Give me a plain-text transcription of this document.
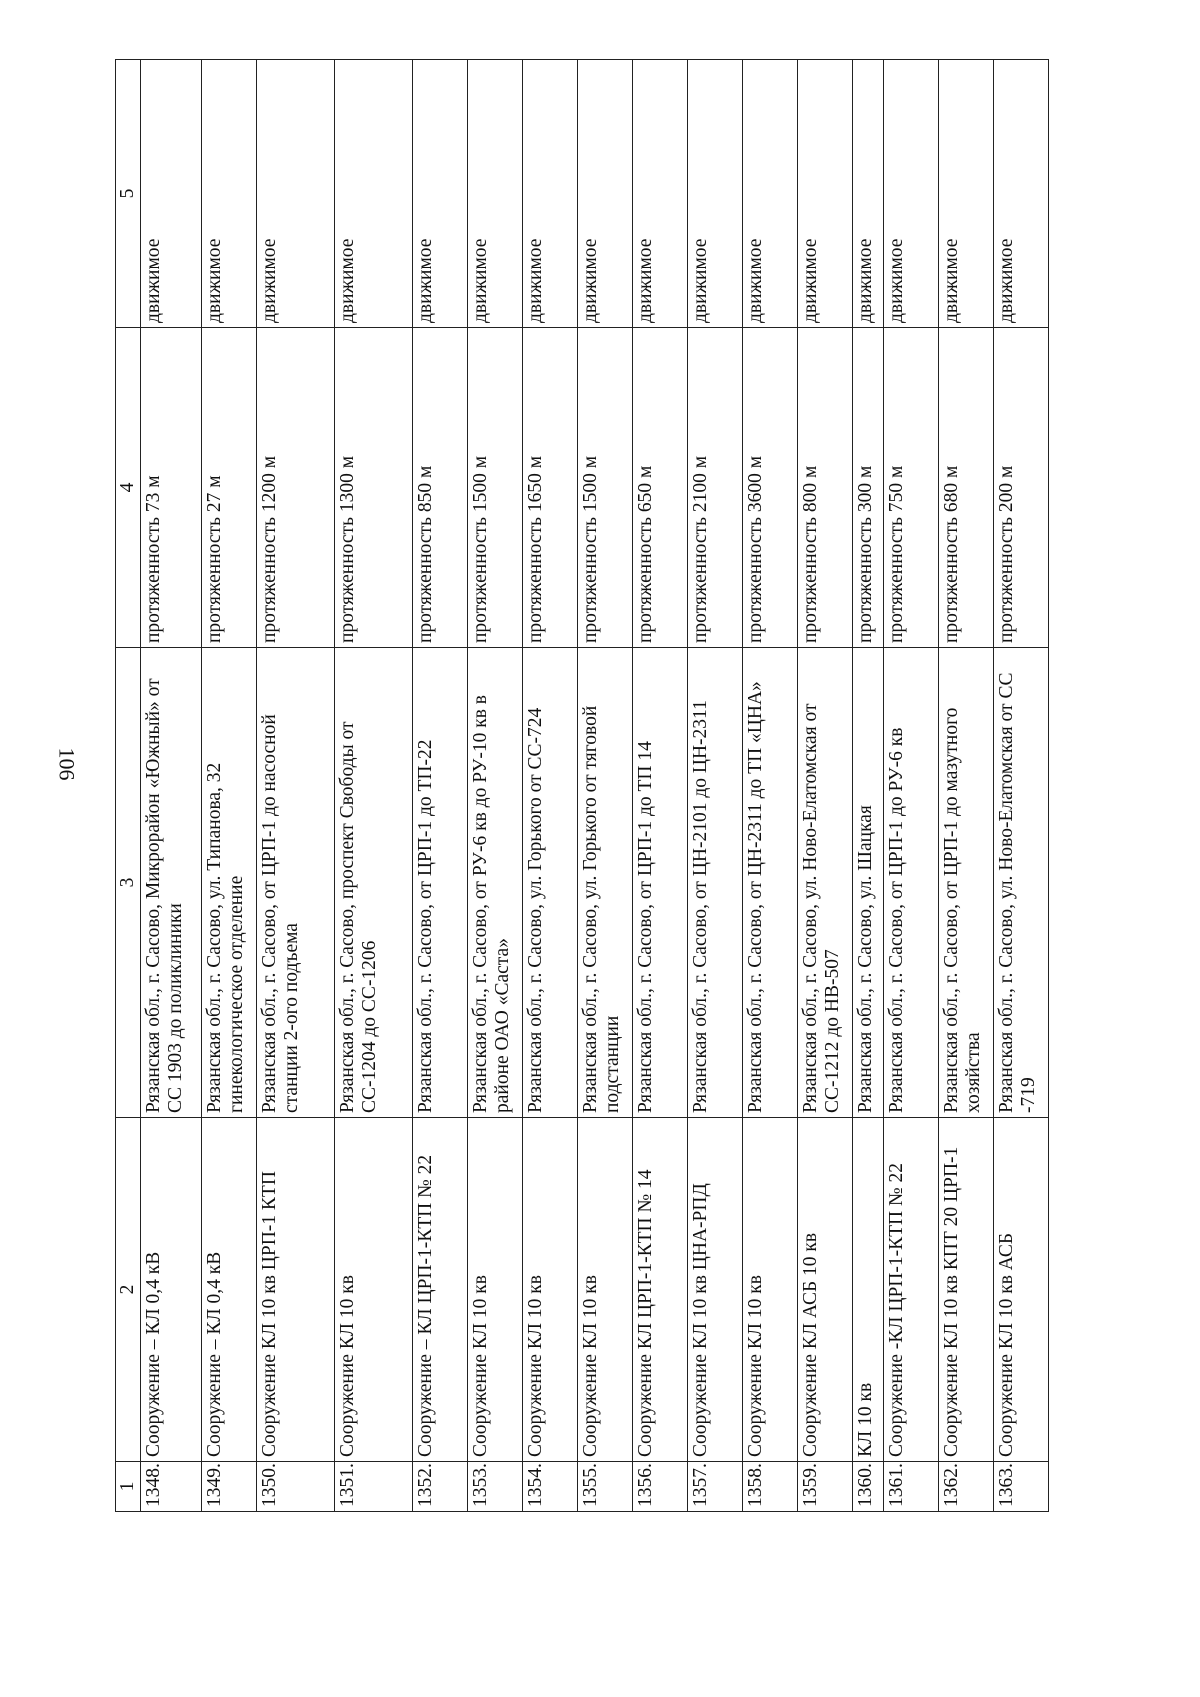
106
1	2	3	4	5
1348.	Сооружение – КЛ 0,4 кВ	Рязанская обл., г. Сасово, Микрорайон «Южный» от СС 1903 до поликлиники	протяженность 73 м	движимое
1349.	Сооружение – КЛ 0,4 кВ	Рязанская обл., г. Сасово, ул. Типанова, 32 гинекологическое отделение	протяженность 27 м	движимое
1350.	Сооружение КЛ 10 кв ЦРП-1 КТП	Рязанская обл., г. Сасово, от ЦРП-1 до насосной станции 2-ого подъема	протяженность 1200 м	движимое
1351.	Сооружение КЛ 10 кв	Рязанская обл., г. Сасово, проспект Свободы от СС-1204 до СС-1206	протяженность 1300 м	движимое
1352.	Сооружение – КЛ ЦРП-1-КТП № 22	Рязанская обл., г. Сасово, от ЦРП-1 до ТП-22	протяженность 850 м	движимое
1353.	Сооружение КЛ 10 кв	Рязанская обл., г. Сасово, от РУ-6 кв до РУ-10 кв в районе ОАО «Саста»	протяженность 1500 м	движимое
1354.	Сооружение КЛ 10 кв	Рязанская обл., г. Сасово, ул. Горького от СС-724	протяженность 1650 м	движимое
1355.	Сооружение КЛ 10 кв	Рязанская обл., г. Сасово, ул. Горького от тяговой подстанции	протяженность 1500 м	движимое
1356.	Сооружение КЛ ЦРП-1-КТП № 14	Рязанская обл., г. Сасово, от ЦРП-1 до ТП 14	протяженность 650 м	движимое
1357.	Сооружение КЛ 10 кв ЦНА-РПД	Рязанская обл., г. Сасово, от ЦН-2101 до ЦН-2311	протяженность 2100 м	движимое
1358.	Сооружение КЛ 10 кв	Рязанская обл., г. Сасово, от ЦН-2311 до ТП «ЦНА»	протяженность 3600 м	движимое
1359.	Сооружение КЛ АСБ 10 кв	Рязанская обл., г. Сасово, ул. Ново-Елатомская от СС-1212 до НВ-507	протяженность 800 м	движимое
1360.	КЛ 10 кв	Рязанская обл., г. Сасово, ул. Шацкая	протяженность 300 м	движимое
1361.	Сооружение -КЛ ЦРП-1-КТП № 22	Рязанская обл., г. Сасово, от ЦРП-1 до РУ-6 кв	протяженность 750 м	движимое
1362.	Сооружение КЛ 10 кв КПТ 20 ЦРП-1	Рязанская обл., г. Сасово, от ЦРП-1 до мазутного хозяйства	протяженность 680 м	движимое
1363.	Сооружение КЛ 10 кв АСБ	Рязанская обл., г. Сасово, ул. Ново-Елатомская от СС -719	протяженность 200 м	движимое
